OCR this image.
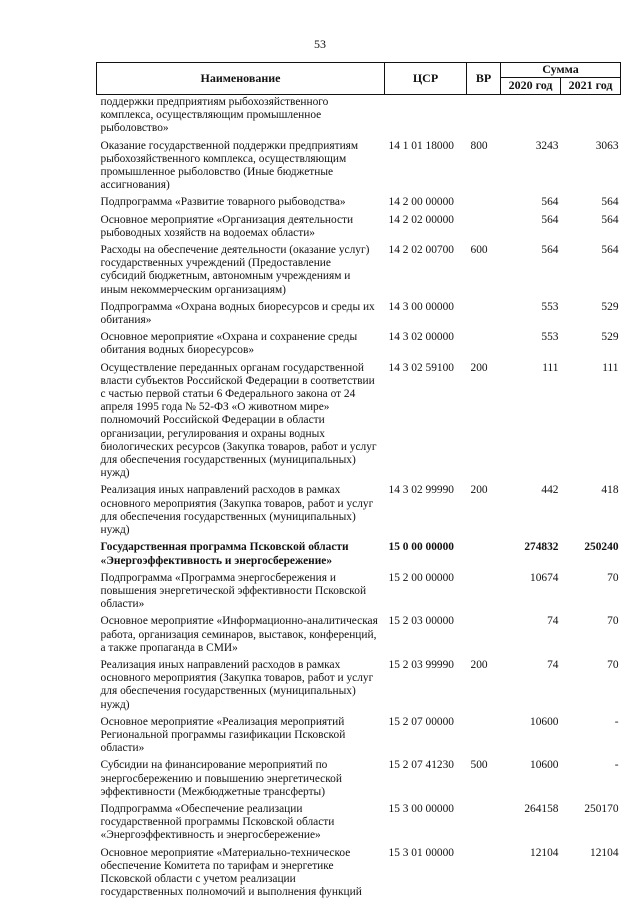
53
Наименование	ЦСР	ВР	Сумма	
			2020 год	2021 год
поддержки предприятиям рыбохозяйственного комплекса, осуществляющим промышленное рыболовство»				
Оказание государственной поддержки предприятиям рыбохозяйственного комплекса, осуществляющим промышленное рыболовство (Иные бюджетные ассигнования)	14 1 01 18000	800	3243	3063
Подпрограмма «Развитие товарного рыбоводства»	14 2 00 00000		564	564
Основное мероприятие «Организация деятельности рыбоводных хозяйств на водоемах области»	14 2 02 00000		564	564
Расходы на обеспечение деятельности (оказание услуг) государственных учреждений (Предоставление субсидий бюджетным, автономным учреждениям и иным некоммерческим организациям)	14 2 02 00700	600	564	564
Подпрограмма «Охрана водных биоресурсов и среды их обитания»	14 3 00 00000		553	529
Основное мероприятие «Охрана и сохранение среды обитания водных биоресурсов»	14 3 02 00000		553	529
Осуществление переданных органам государственной власти субъектов Российской Федерации в соответствии с частью первой статьи 6 Федерального закона от 24 апреля 1995 года № 52-ФЗ «О животном мире» полномочий Российской Федерации в области организации, регулирования и охраны водных биологических ресурсов (Закупка товаров, работ и услуг для обеспечения государственных (муниципальных) нужд)	14 3 02 59100	200	111	111
Реализация иных направлений расходов в рамках основного мероприятия (Закупка товаров, работ и услуг для обеспечения государственных (муниципальных) нужд)	14 3 02 99990	200	442	418
Государственная программа Псковской области «Энергоэффективность и энергосбережение»	15 0 00 00000		274832	250240
Подпрограмма «Программа энергосбережения и повышения энергетической эффективности Псковской области»	15 2 00 00000		10674	70
Основное мероприятие «Информационно-аналитическая работа, организация семинаров, выставок, конференций, а также пропаганда в СМИ»	15 2 03 00000		74	70
Реализация иных направлений расходов в рамках основного мероприятия (Закупка товаров, работ и услуг для обеспечения государственных (муниципальных) нужд)	15 2 03 99990	200	74	70
Основное мероприятие «Реализация мероприятий Региональной программы газификации Псковской области»	15 2 07 00000		10600	-
Субсидии на финансирование мероприятий по энергосбережению и повышению энергетической эффективности (Межбюджетные трансферты)	15 2 07 41230	500	10600	-
Подпрограмма «Обеспечение реализации государственной программы Псковской области «Энергоэффективность и энергосбережение»	15 3 00 00000		264158	250170
Основное мероприятие «Материально-техническое обеспечение Комитета по тарифам и энергетике Псковской области с учетом реализации государственных полномочий и выполнения функций	15 3 01 00000		12104	12104
